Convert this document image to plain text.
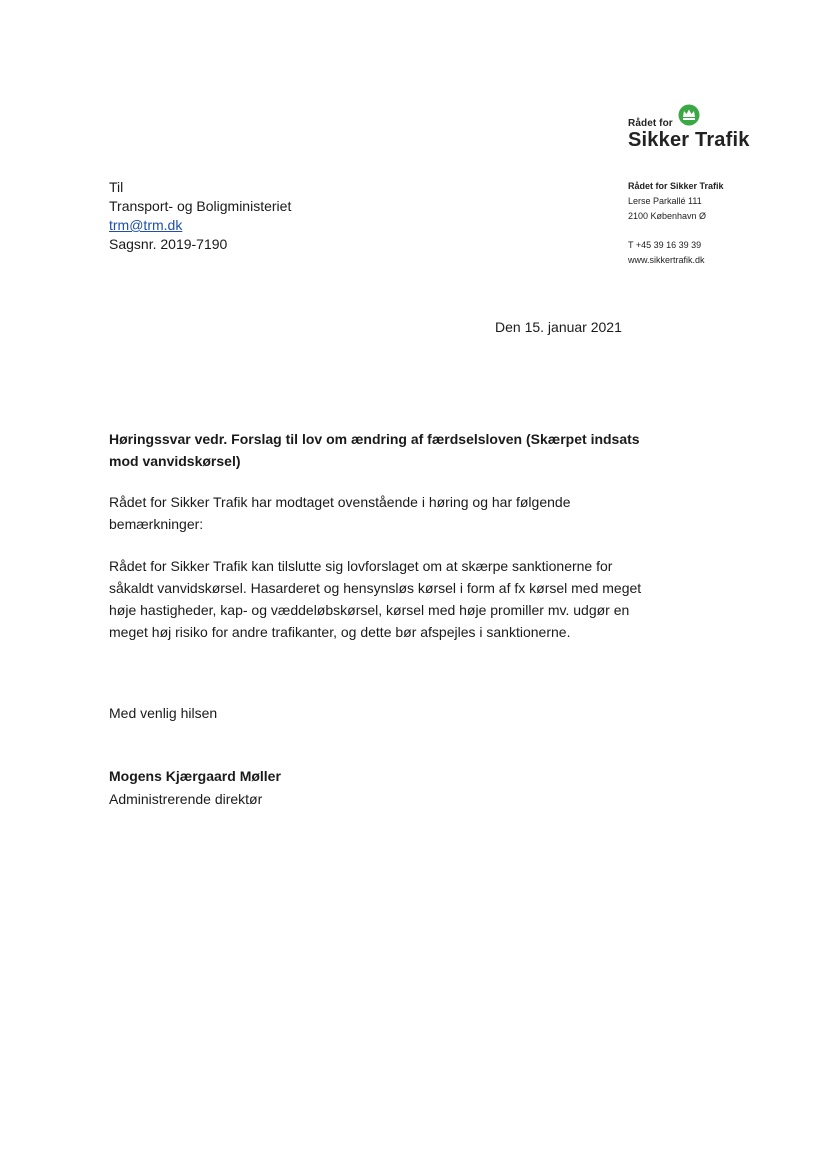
Rådet for
Sikker Trafik
Rådet for Sikker Trafik
Lerse Parkallé 111
2100 København Ø
T +45 39 16 39 39
www.sikkertrafik.dk
Til
Transport- og Boligministeriet
trm@trm.dk
Sagsnr. 2019-7190
Den 15. januar 2021
Høringssvar vedr. Forslag til lov om ændring af færdselsloven (Skærpet indsats mod vanvidskørsel)
Rådet for Sikker Trafik har modtaget ovenstående i høring og har følgende bemærkninger:
Rådet for Sikker Trafik kan tilslutte sig lovforslaget om at skærpe sanktionerne for såkaldt vanvidskørsel. Hasarderet og hensynsløs kørsel i form af fx kørsel med meget høje hastigheder, kap- og væddeløbskørsel, kørsel med høje promiller mv. udgør en meget høj risiko for andre trafikanter, og dette bør afspejles i sanktionerne.
Med venlig hilsen
Mogens Kjærgaard Møller
Administrerende direktør
